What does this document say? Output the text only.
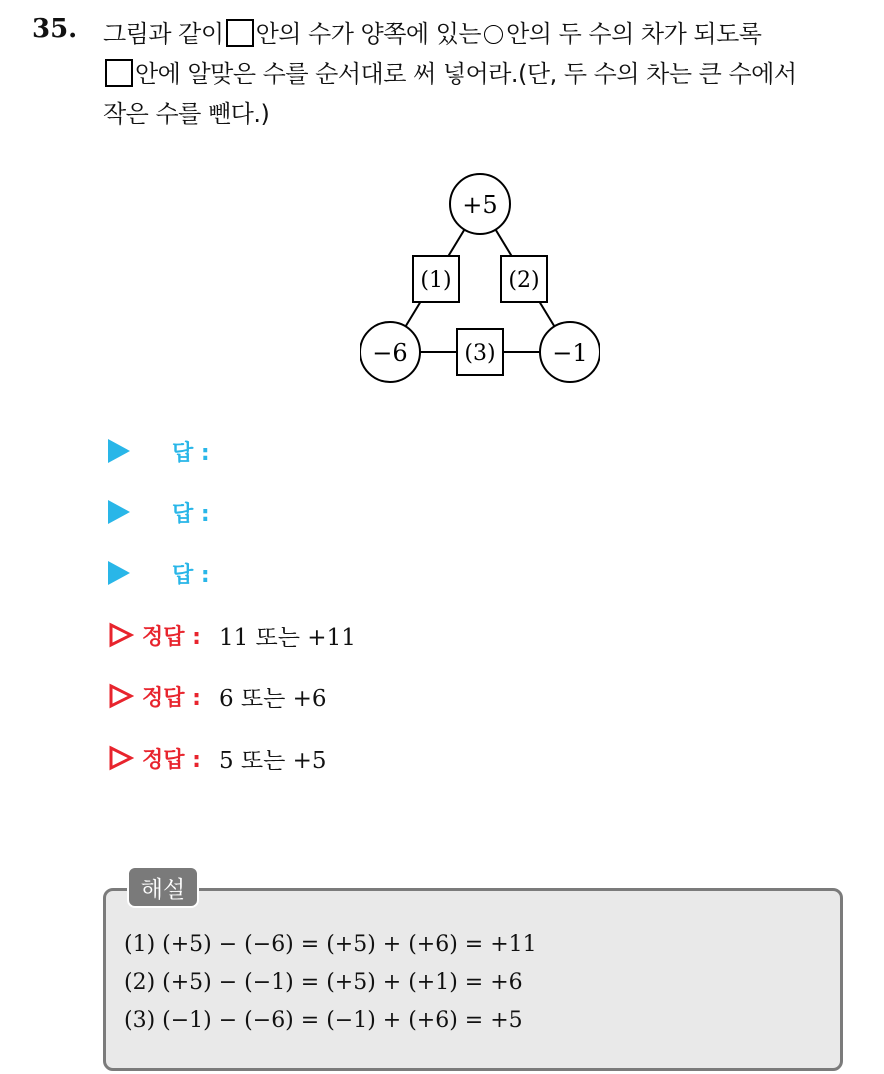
35. 그림과 같이 안의 수가 양쪽에 있는 안의 두 수의 차가 되도록
안에 알맞은 수를 순서대로 써 넣어라.(단, 두 수의 차는 큰 수에서
작은 수를 뺀다.)
+5
−6	−1
(1)	(2)
(3)
답 :
답 :
답 :
정답 : 11 또는 +11
정답 : 6 또는 +6
정답 : 5 또는 +5
해설
(1) (+5) − (−6) = (+5) + (+6) = +11
(2) (+5) − (−1) = (+5) + (+1) = +6
(3) (−1) − (−6) = (−1) + (+6) = +5
